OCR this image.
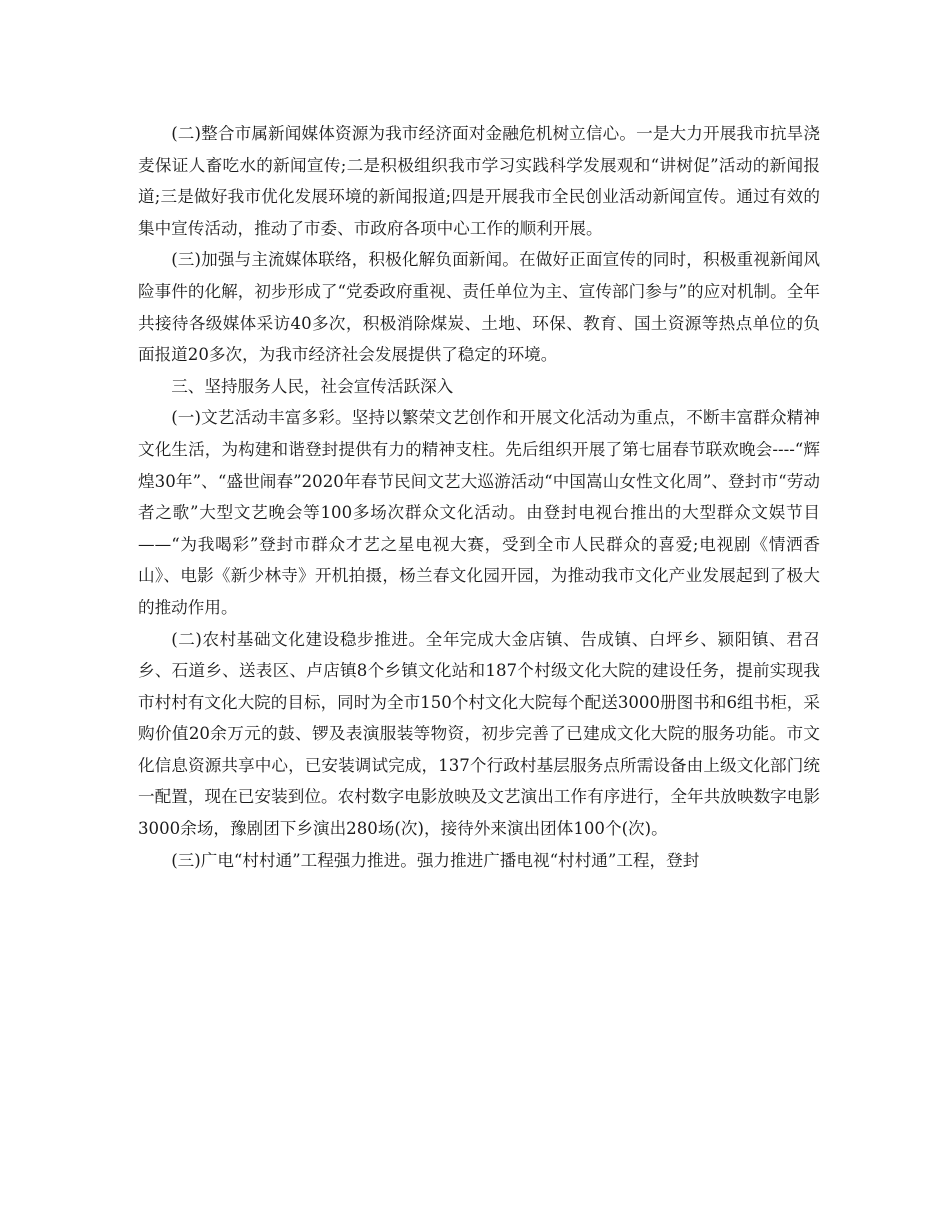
(二)整合市属新闻媒体资源为我市经济面对金融危机树立信心。一是大力开展我市抗旱浇麦保证人畜吃水的新闻宣传;二是积极组织我市学习实践科学发展观和“讲树促”活动的新闻报道;三是做好我市优化发展环境的新闻报道;四是开展我市全民创业活动新闻宣传。通过有效的集中宣传活动，推动了市委、市政府各项中心工作的顺利开展。

(三)加强与主流媒体联络，积极化解负面新闻。在做好正面宣传的同时，积极重视新闻风险事件的化解，初步形成了“党委政府重视、责任单位为主、宣传部门参与”的应对机制。全年共接待各级媒体采访40多次，积极消除煤炭、土地、环保、教育、国土资源等热点单位的负面报道20多次，为我市经济社会发展提供了稳定的环境。

三、坚持服务人民，社会宣传活跃深入

(一)文艺活动丰富多彩。坚持以繁荣文艺创作和开展文化活动为重点，不断丰富群众精神文化生活，为构建和谐登封提供有力的精神支柱。先后组织开展了第七届春节联欢晚会----“辉煌30年”、“盛世闹春”2020年春节民间文艺大巡游活动“中国嵩山女性文化周”、登封市“劳动者之歌”大型文艺晚会等100多场次群众文化活动。由登封电视台推出的大型群众文娱节目——“为我喝彩”登封市群众才艺之星电视大赛，受到全市人民群众的喜爱;电视剧《情洒香山》、电影《新少林寺》开机拍摄，杨兰春文化园开园，为推动我市文化产业发展起到了极大的推动作用。

(二)农村基础文化建设稳步推进。全年完成大金店镇、告成镇、白坪乡、颍阳镇、君召乡、石道乡、送表区、卢店镇8个乡镇文化站和187个村级文化大院的建设任务，提前实现我市村村有文化大院的目标，同时为全市150个村文化大院每个配送3000册图书和6组书柜，采购价值20余万元的鼓、锣及表演服装等物资，初步完善了已建成文化大院的服务功能。市文化信息资源共享中心，已安装调试完成，137个行政村基层服务点所需设备由上级文化部门统一配置，现在已安装到位。农村数字电影放映及文艺演出工作有序进行，全年共放映数字电影3000余场，豫剧团下乡演出280场(次)，接待外来演出团体100个(次)。

(三)广电“村村通”工程强力推进。强力推进广播电视“村村通”工程，登封
